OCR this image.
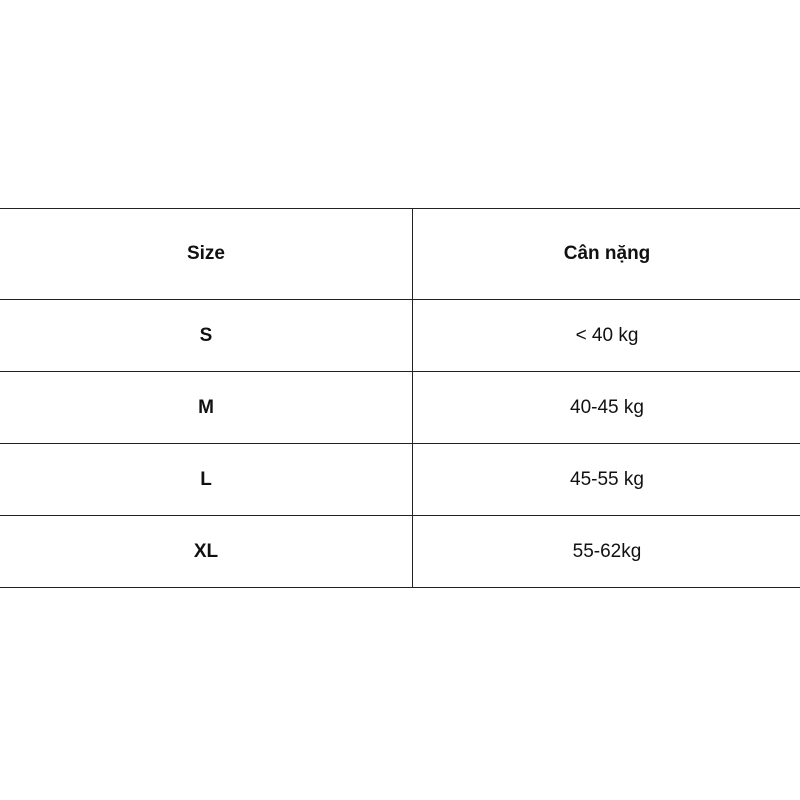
Size	Cân nặng
S	< 40 kg
M	40-45 kg
L	45-55 kg
XL	55-62kg
